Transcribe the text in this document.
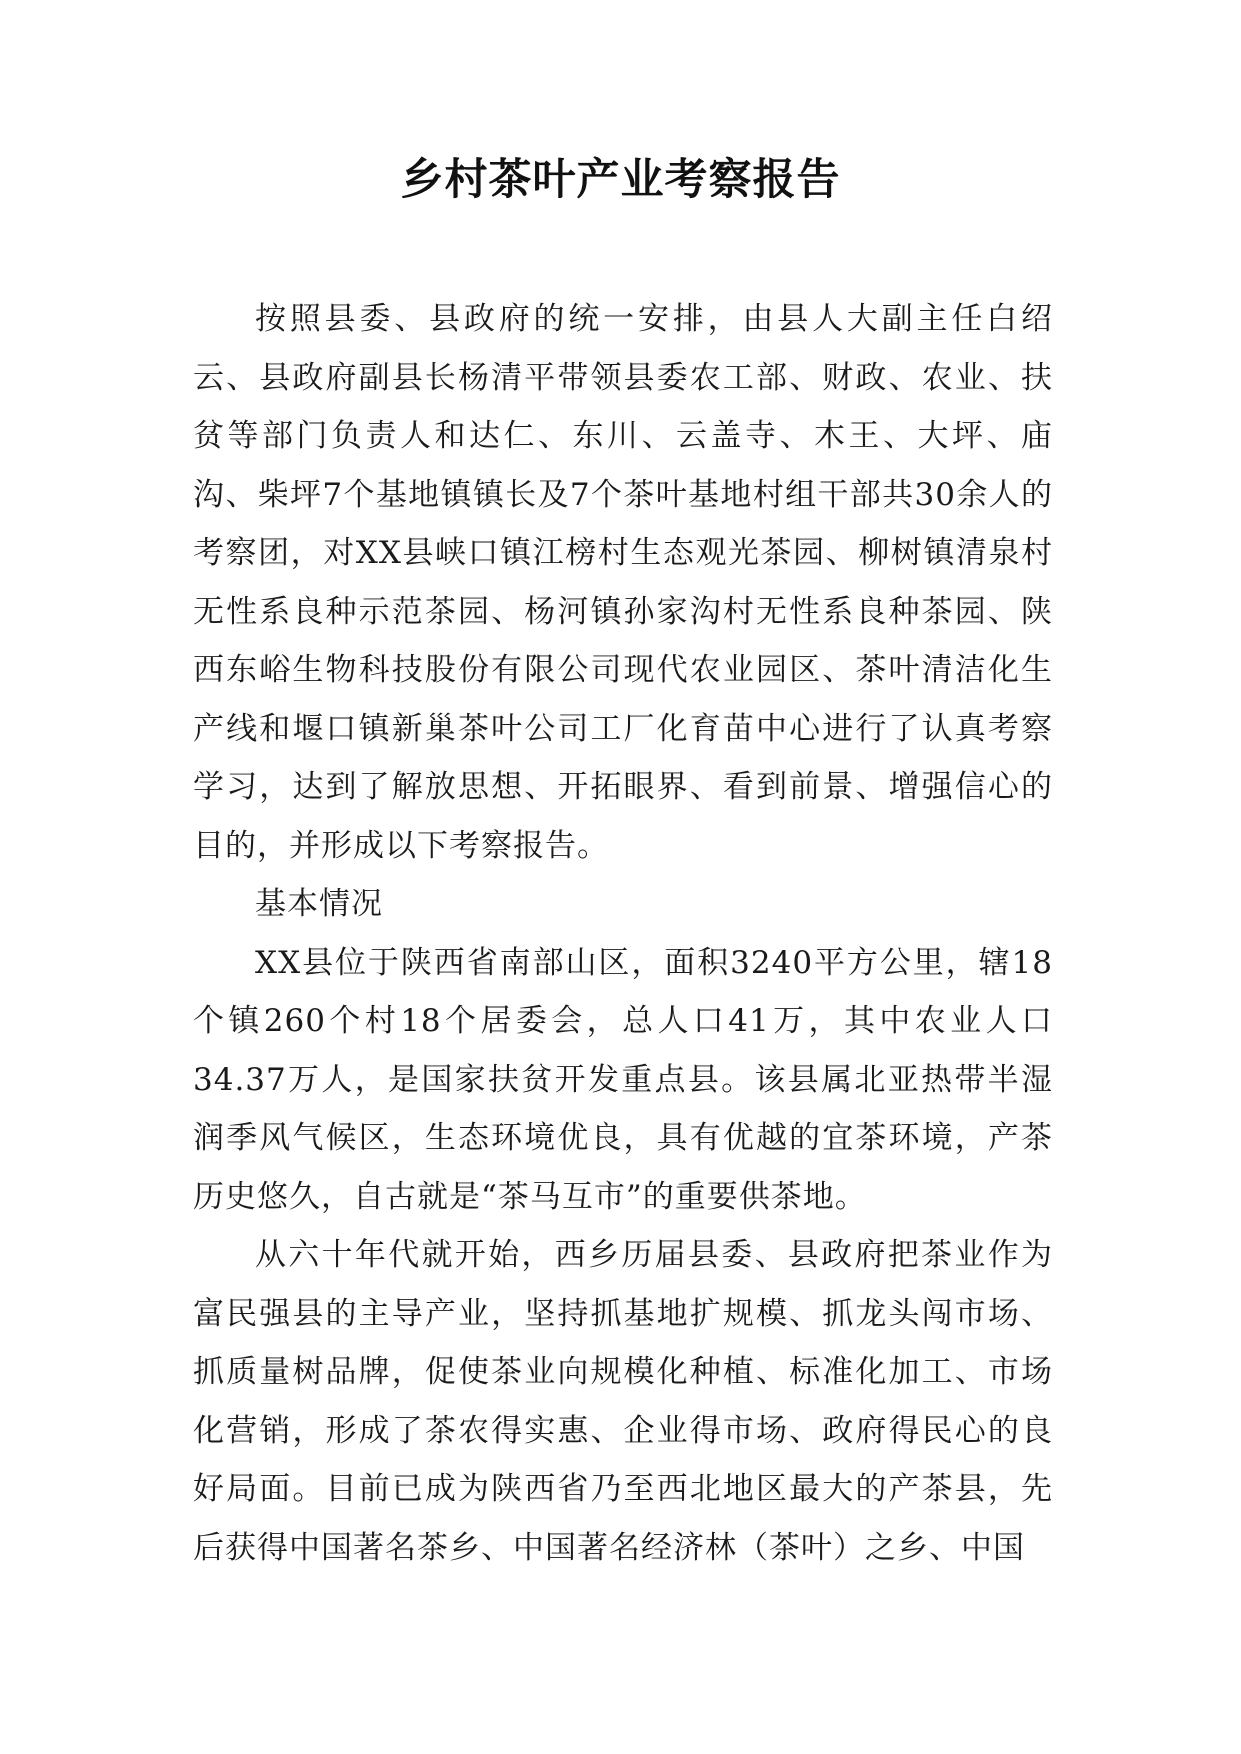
乡村茶叶产业考察报告

按照县委、县政府的统一安排，由县人大副主任白绍云、县政府副县长杨清平带领县委农工部、财政、农业、扶贫等部门负责人和达仁、东川、云盖寺、木王、大坪、庙沟、柴坪7个基地镇镇长及7个茶叶基地村组干部共30余人的考察团，对XX县峡口镇江榜村生态观光茶园、柳树镇清泉村无性系良种示范茶园、杨河镇孙家沟村无性系良种茶园、陕西东峪生物科技股份有限公司现代农业园区、茶叶清洁化生产线和堰口镇新巢茶叶公司工厂化育苗中心进行了认真考察学习，达到了解放思想、开拓眼界、看到前景、增强信心的目的，并形成以下考察报告。

基本情况

XX县位于陕西省南部山区，面积3240平方公里，辖18个镇260个村18个居委会，总人口41万，其中农业人口34.37万人，是国家扶贫开发重点县。该县属北亚热带半湿润季风气候区，生态环境优良，具有优越的宜茶环境，产茶历史悠久，自古就是“茶马互市”的重要供茶地。

从六十年代就开始，西乡历届县委、县政府把茶业作为富民强县的主导产业，坚持抓基地扩规模、抓龙头闯市场、抓质量树品牌，促使茶业向规模化种植、标准化加工、市场化营销，形成了茶农得实惠、企业得市场、政府得民心的良好局面。目前已成为陕西省乃至西北地区最大的产茶县，先后获得中国著名茶乡、中国著名经济林（茶叶）之乡、中国
